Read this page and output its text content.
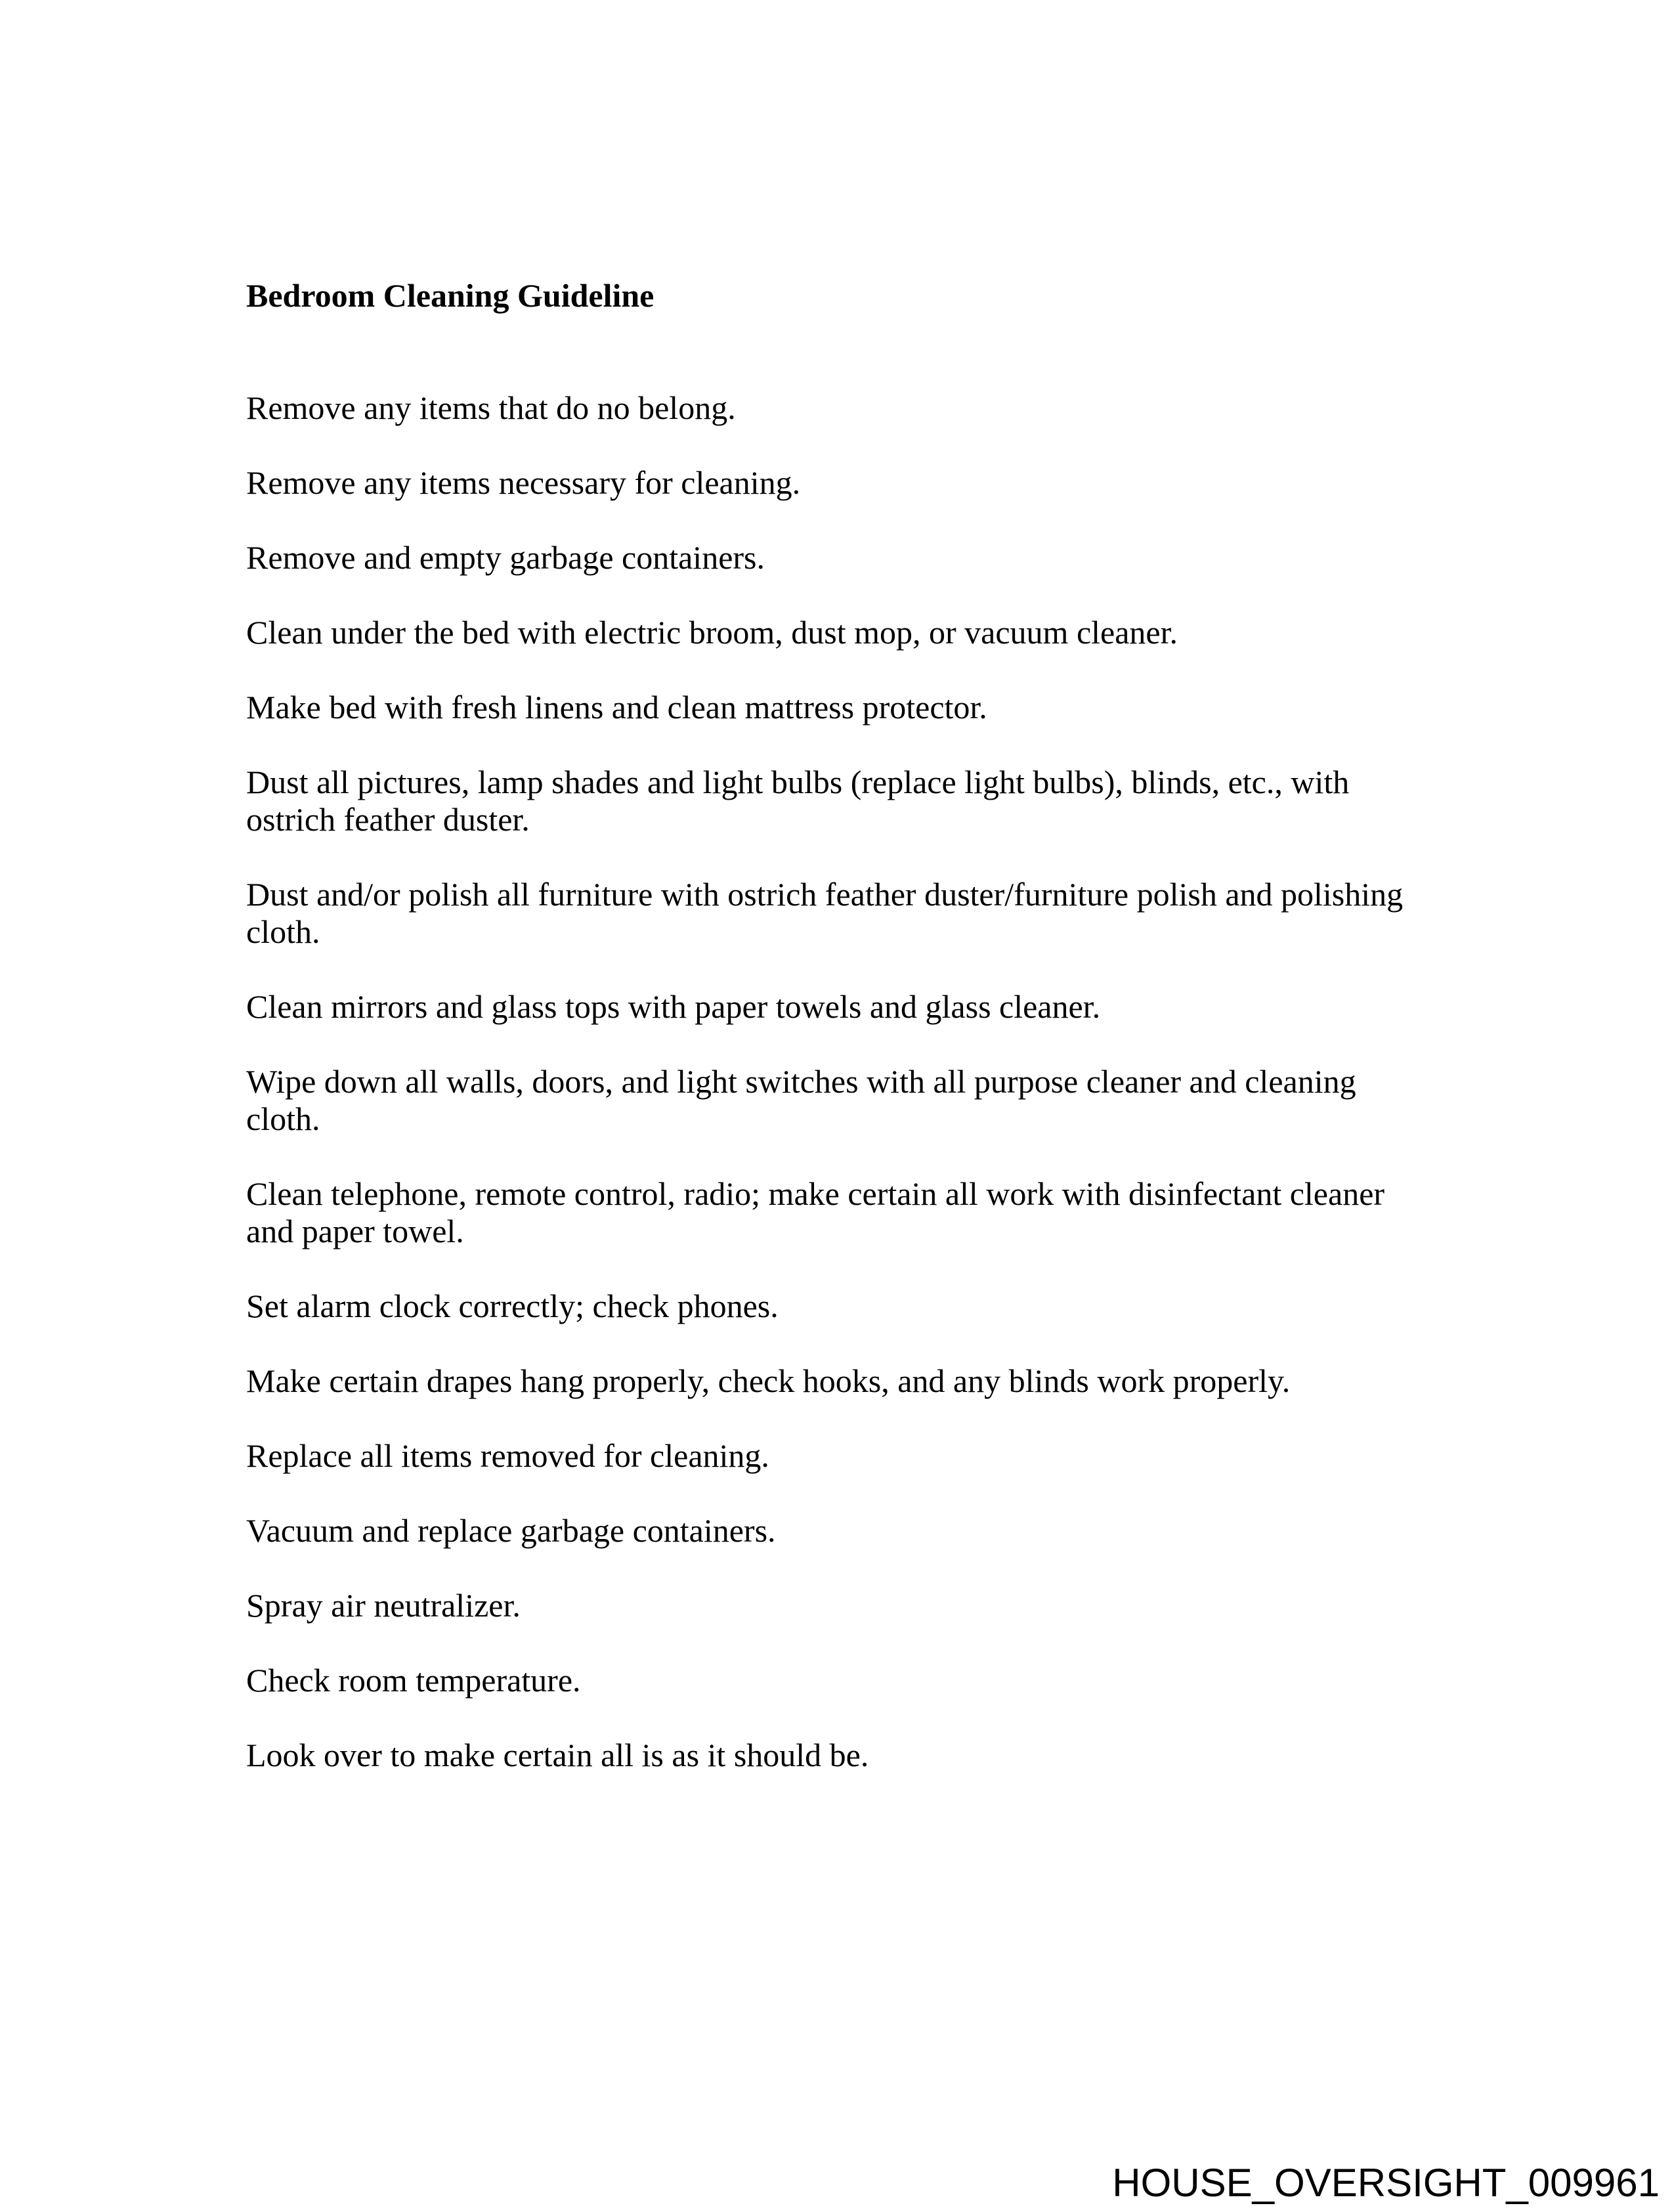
Bedroom Cleaning Guideline

Remove any items that do no belong.

Remove any items necessary for cleaning.

Remove and empty garbage containers.

Clean under the bed with electric broom, dust mop, or vacuum cleaner.

Make bed with fresh linens and clean mattress protector.

Dust all pictures, lamp shades and light bulbs (replace light bulbs), blinds, etc., with ostrich feather duster.

Dust and/or polish all furniture with ostrich feather duster/furniture polish and polishing cloth.

Clean mirrors and glass tops with paper towels and glass cleaner.

Wipe down all walls, doors, and light switches with all purpose cleaner and cleaning cloth.

Clean telephone, remote control, radio; make certain all work with disinfectant cleaner and paper towel.

Set alarm clock correctly; check phones.

Make certain drapes hang properly, check hooks, and any blinds work properly.

Replace all items removed for cleaning.

Vacuum and replace garbage containers.

Spray air neutralizer.

Check room temperature.

Look over to make certain all is as it should be.

HOUSE_OVERSIGHT_009961
